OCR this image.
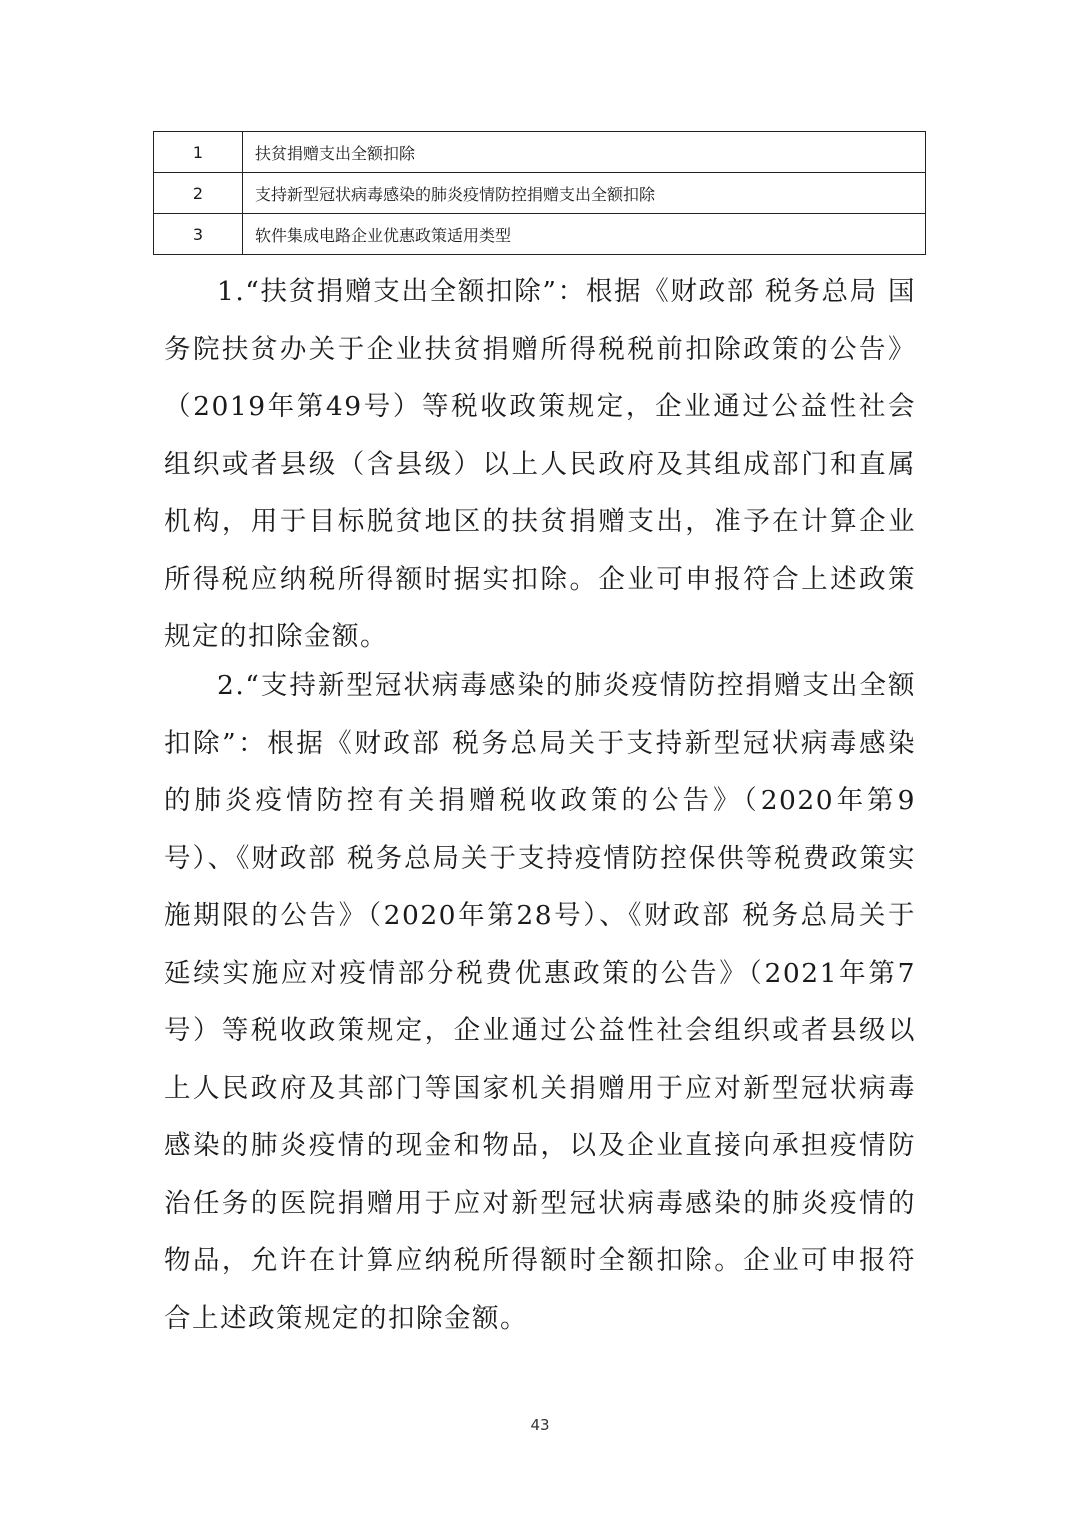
1	扶贫捐赠支出全额扣除
2	支持新型冠状病毒感染的肺炎疫情防控捐赠支出全额扣除
3	软件集成电路企业优惠政策适用类型

1.“扶贫捐赠支出全额扣除”：根据《财政部 税务总局 国务院扶贫办关于企业扶贫捐赠所得税税前扣除政策的公告》（2019年第49号）等税收政策规定，企业通过公益性社会组织或者县级（含县级）以上人民政府及其组成部门和直属机构，用于目标脱贫地区的扶贫捐赠支出，准予在计算企业所得税应纳税所得额时据实扣除。企业可申报符合上述政策规定的扣除金额。

2.“支持新型冠状病毒感染的肺炎疫情防控捐赠支出全额扣除”：根据《财政部 税务总局关于支持新型冠状病毒感染的肺炎疫情防控有关捐赠税收政策的公告》（2020年第9号）、《财政部 税务总局关于支持疫情防控保供等税费政策实施期限的公告》（2020年第28号）、《财政部 税务总局关于延续实施应对疫情部分税费优惠政策的公告》（2021年第7号）等税收政策规定，企业通过公益性社会组织或者县级以上人民政府及其部门等国家机关捐赠用于应对新型冠状病毒感染的肺炎疫情的现金和物品，以及企业直接向承担疫情防治任务的医院捐赠用于应对新型冠状病毒感染的肺炎疫情的物品，允许在计算应纳税所得额时全额扣除。企业可申报符合上述政策规定的扣除金额。

43
